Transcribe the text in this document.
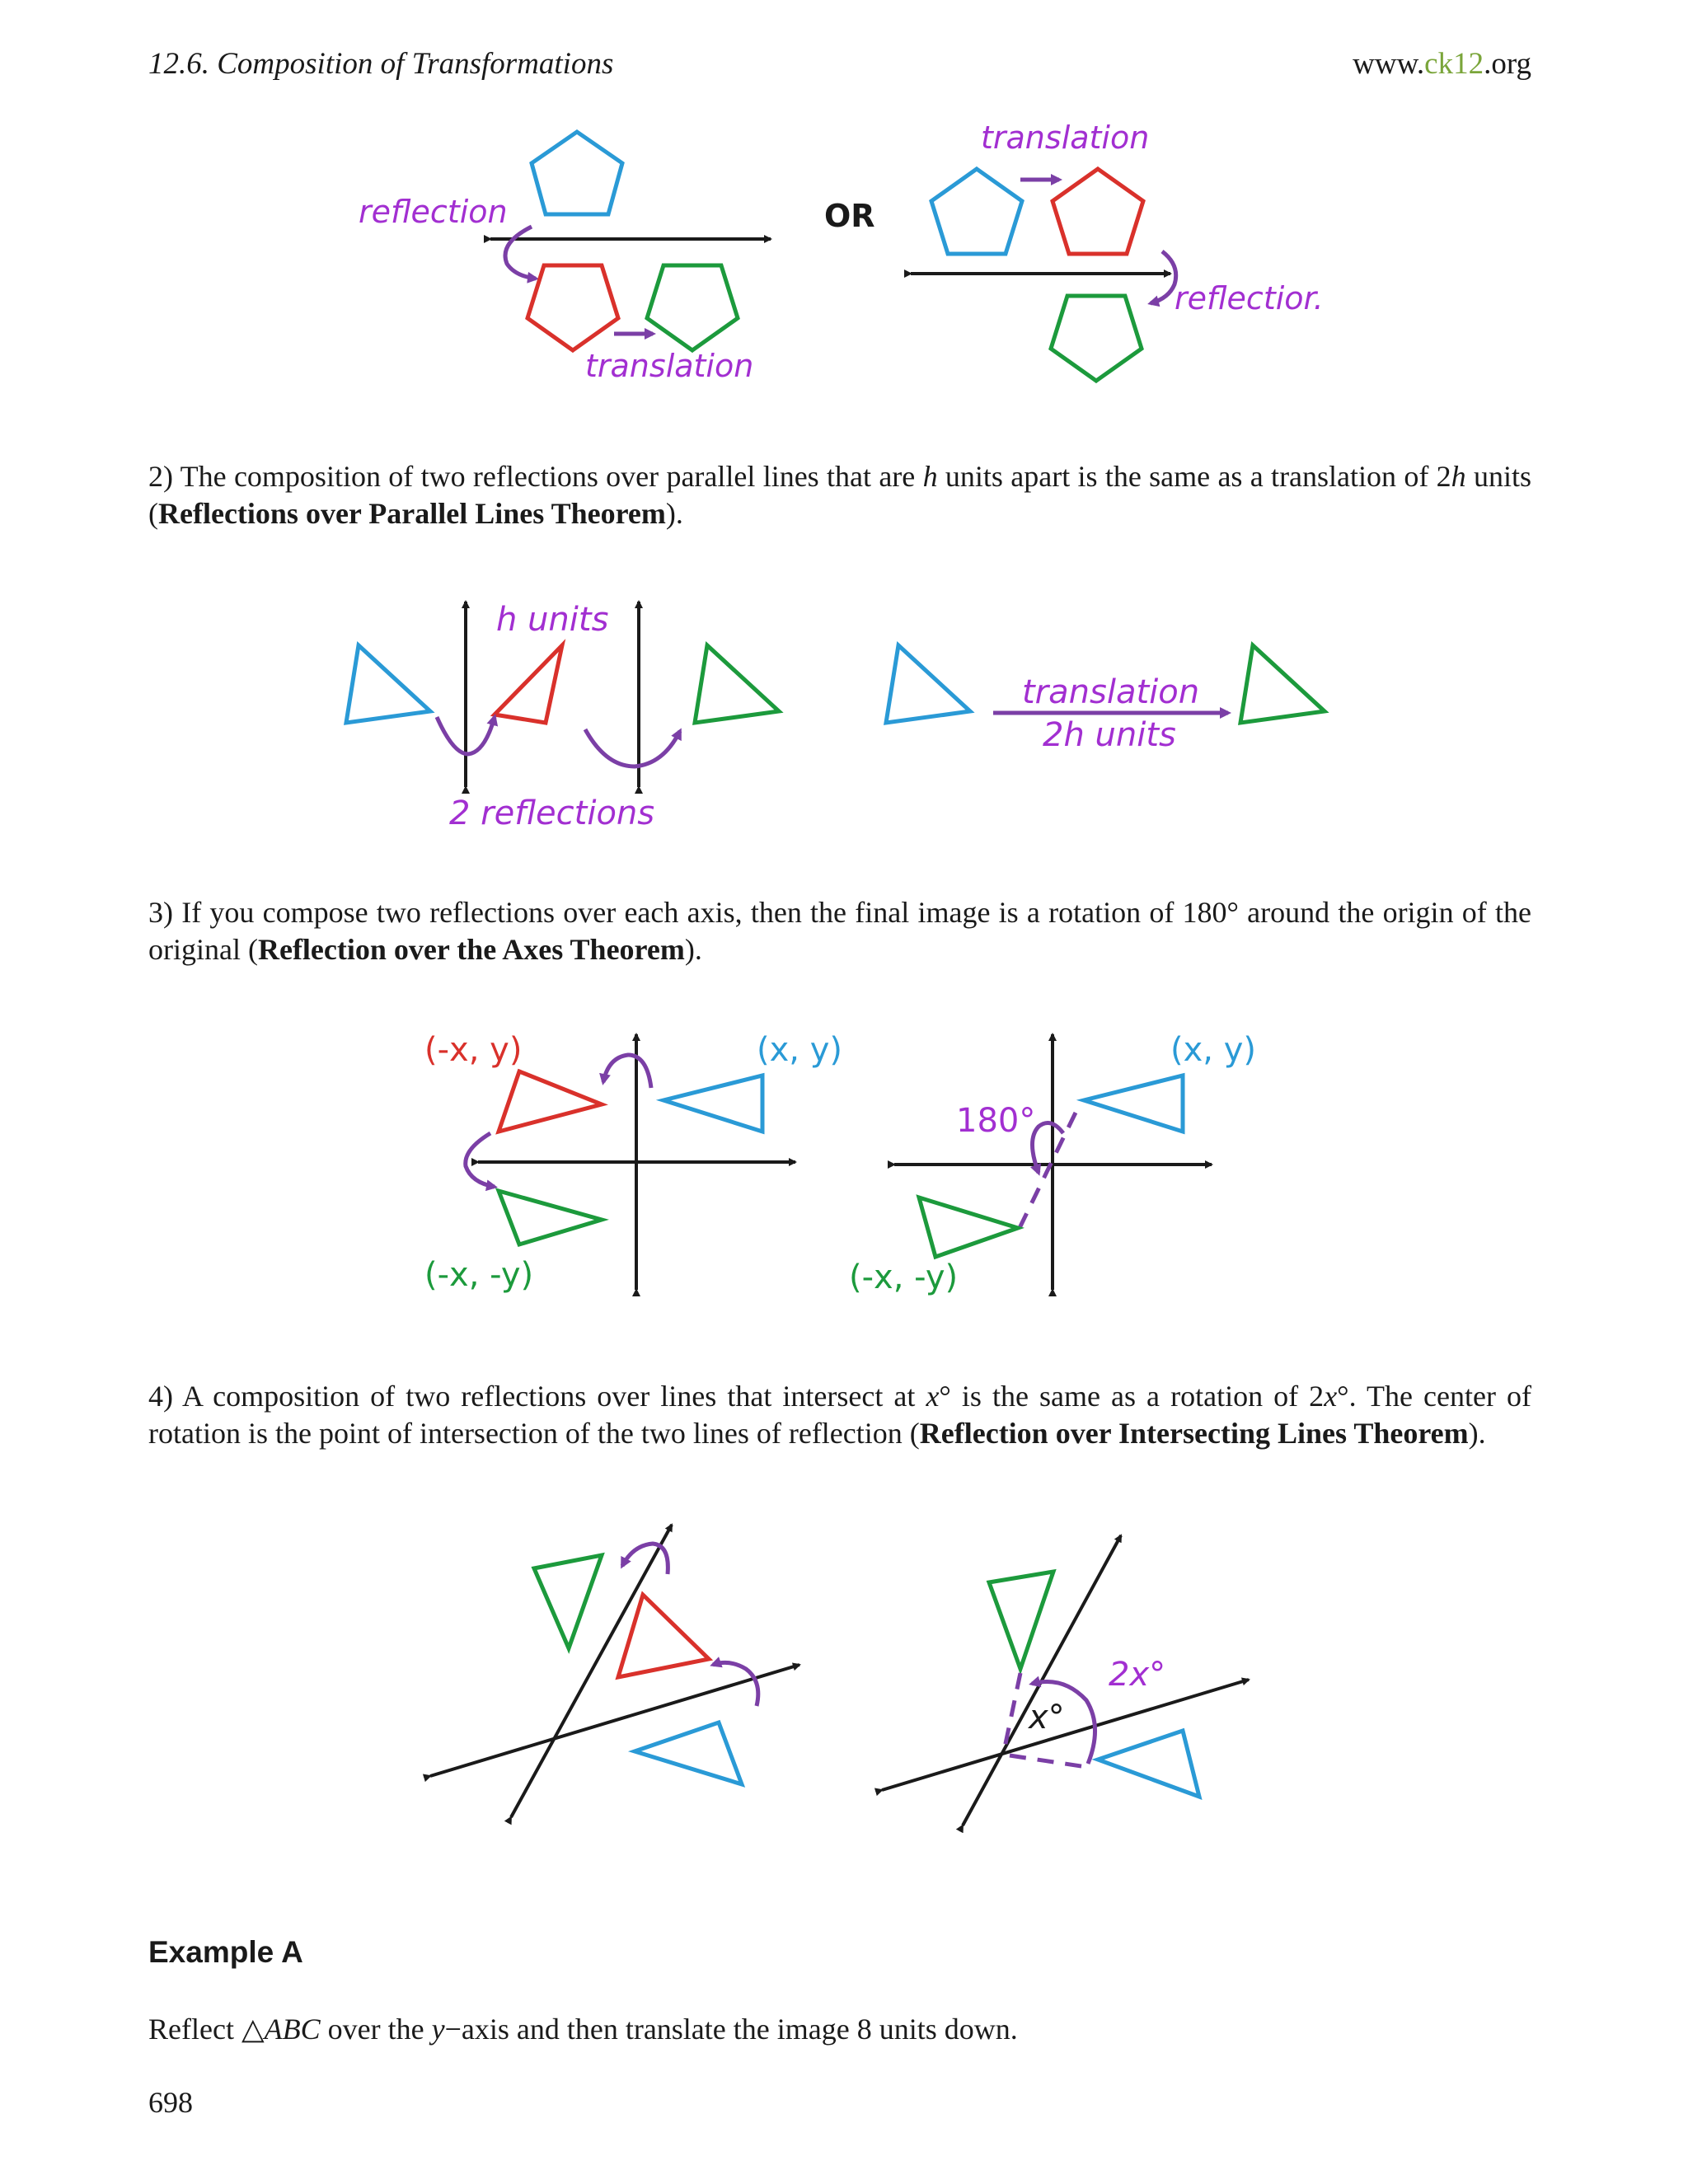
12.6. Composition of Transformations	www.ck12.org
reflection
translation
OR
translation
reflectior.
2) The composition of two reflections over parallel lines that are h units apart is the same as a translation of 2h units (Reflections over Parallel Lines Theorem).
h units
2 reflections
translation
2h units
3) If you compose two reflections over each axis, then the final image is a rotation of 180° around the origin of the original (Reflection over the Axes Theorem).
(-x, y)	(x, y)
(-x, -y)
(x, y)
180°
(-x, -y)
4) A composition of two reflections over lines that intersect at x° is the same as a rotation of 2x°. The center of rotation is the point of intersection of the two lines of reflection (Reflection over Intersecting Lines Theorem).
2x°
x°
Example A
Reflect △ABC over the y−axis and then translate the image 8 units down.
698
